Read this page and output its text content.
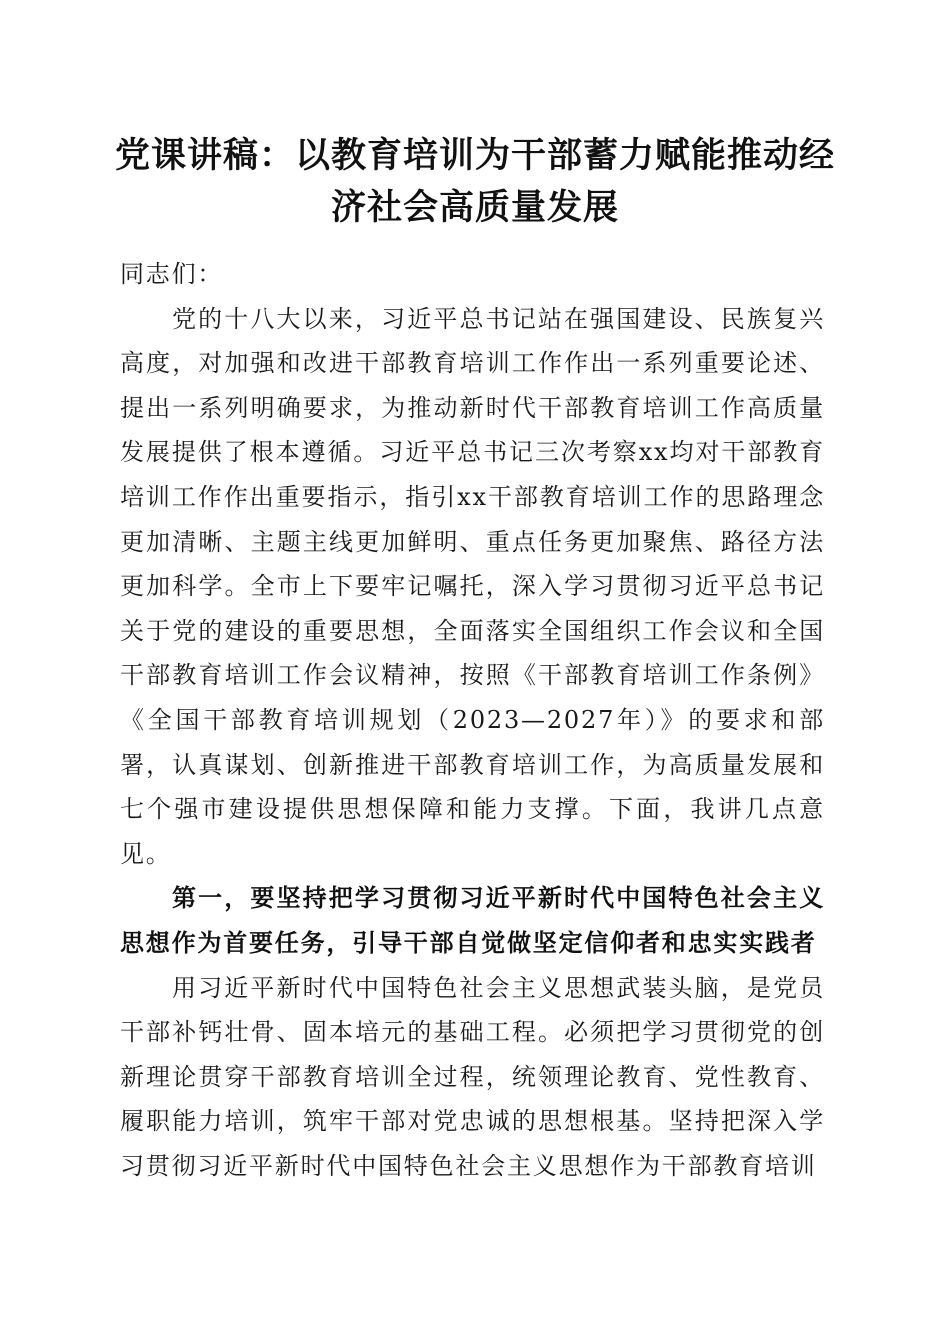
党课讲稿：以教育培训为干部蓄力赋能推动经济社会高质量发展

同志们：

党的十八大以来，习近平总书记站在强国建设、民族复兴高度，对加强和改进干部教育培训工作作出一系列重要论述、提出一系列明确要求，为推动新时代干部教育培训工作高质量发展提供了根本遵循。习近平总书记三次考察xx均对干部教育培训工作作出重要指示，指引xx干部教育培训工作的思路理念更加清晰、主题主线更加鲜明、重点任务更加聚焦、路径方法更加科学。全市上下要牢记嘱托，深入学习贯彻习近平总书记关于党的建设的重要思想，全面落实全国组织工作会议和全国干部教育培训工作会议精神，按照《干部教育培训工作条例》《全国干部教育培训规划（2023—2027年）》的要求和部署，认真谋划、创新推进干部教育培训工作，为高质量发展和七个强市建设提供思想保障和能力支撑。下面，我讲几点意见。

第一，要坚持把学习贯彻习近平新时代中国特色社会主义思想作为首要任务，引导干部自觉做坚定信仰者和忠实实践者

用习近平新时代中国特色社会主义思想武装头脑，是党员干部补钙壮骨、固本培元的基础工程。必须把学习贯彻党的创新理论贯穿干部教育培训全过程，统领理论教育、党性教育、履职能力培训，筑牢干部对党忠诚的思想根基。坚持把深入学习贯彻习近平新时代中国特色社会主义思想作为干部教育培训
